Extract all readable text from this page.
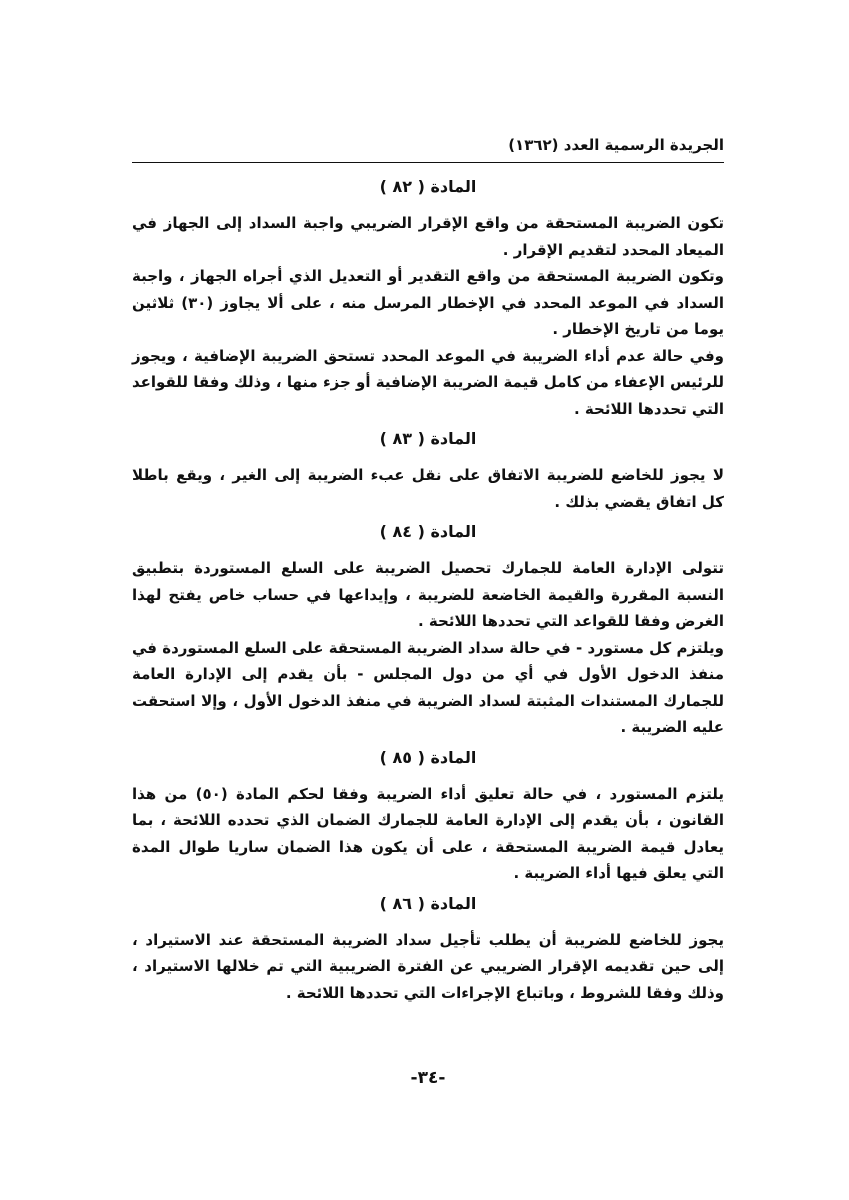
الجريدة الرسمية العدد (١٣٦٢)
المادة ( ٨٢ )

تكون الضريبة المستحقة من واقع الإقرار الضريبي واجبة السداد إلى الجهاز في الميعاد المحدد لتقديم الإقرار .

وتكون الضريبة المستحقة من واقع التقدير أو التعديل الذي أجراه الجهاز ، واجبة السداد في الموعد المحدد في الإخطار المرسل منه ، على ألا يجاوز (٣٠) ثلاثين يوما من تاريخ الإخطار .

وفي حالة عدم أداء الضريبة في الموعد المحدد تستحق الضريبة الإضافية ، ويجوز للرئيس الإعفاء من كامل قيمة الضريبة الإضافية أو جزء منها ، وذلك وفقا للقواعد التي تحددها اللائحة .

المادة ( ٨٣ )

لا يجوز للخاضع للضريبة الاتفاق على نقل عبء الضريبة إلى الغير ، ويقع باطلا كل اتفاق يقضي بذلك .

المادة ( ٨٤ )

تتولى الإدارة العامة للجمارك تحصيل الضريبة على السلع المستوردة بتطبيق النسبة المقررة والقيمة الخاضعة للضريبة ، وإيداعها في حساب خاص يفتح لهذا الغرض وفقا للقواعد التي تحددها اللائحة .

ويلتزم كل مستورد - في حالة سداد الضريبة المستحقة على السلع المستوردة في منفذ الدخول الأول في أي من دول المجلس - بأن يقدم إلى الإدارة العامة للجمارك المستندات المثبتة لسداد الضريبة في منفذ الدخول الأول ، وإلا استحقت عليه الضريبة .

المادة ( ٨٥ )

يلتزم المستورد ، في حالة تعليق أداء الضريبة وفقا لحكم المادة (٥٠) من هذا القانون ، بأن يقدم إلى الإدارة العامة للجمارك الضمان الذي تحدده اللائحة ، بما يعادل قيمة الضريبة المستحقة ، على أن يكون هذا الضمان ساريا طوال المدة التي يعلق فيها أداء الضريبة .

المادة ( ٨٦ )

يجوز للخاضع للضريبة أن يطلب تأجيل سداد الضريبة المستحقة عند الاستيراد ، إلى حين تقديمه الإقرار الضريبي عن الفترة الضريبية التي تم خلالها الاستيراد ، وذلك وفقا للشروط ، وباتباع الإجراءات التي تحددها اللائحة .

-٣٤-
